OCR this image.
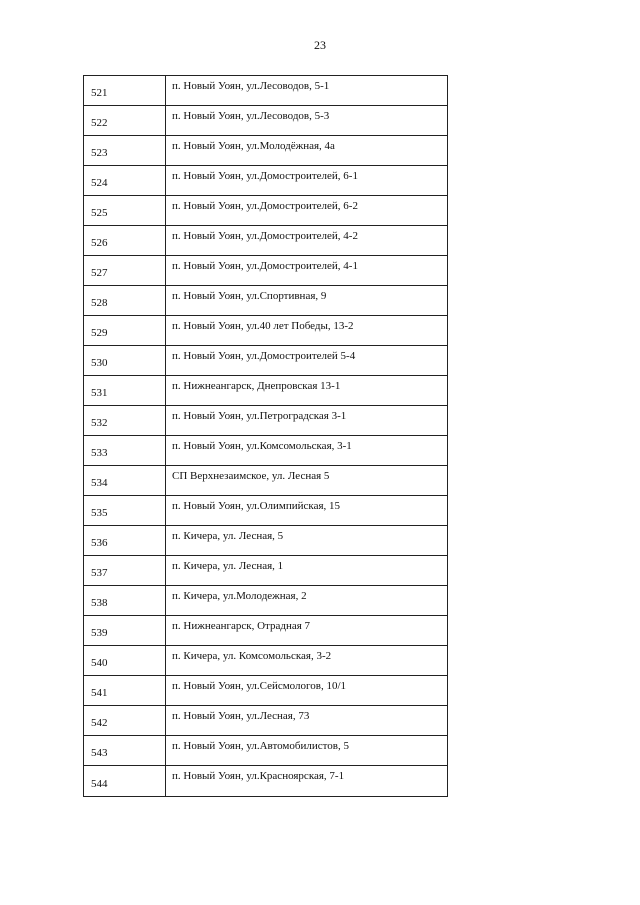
23
521	п. Новый Уоян, ул.Лесоводов, 5-1
522	п. Новый Уоян, ул.Лесоводов, 5-3
523	п. Новый Уоян, ул.Молодёжная, 4а
524	п. Новый Уоян, ул.Домостроителей, 6-1
525	п. Новый Уоян, ул.Домостроителей, 6-2
526	п. Новый Уоян, ул.Домостроителей, 4-2
527	п. Новый Уоян, ул.Домостроителей, 4-1
528	п. Новый Уоян, ул.Спортивная, 9
529	п. Новый Уоян, ул.40 лет Победы, 13-2
530	п. Новый Уоян, ул.Домостроителей 5-4
531	п. Нижнеангарск, Днепровская 13-1
532	п. Новый Уоян, ул.Петроградская 3-1
533	п. Новый Уоян, ул.Комсомольская, 3-1
534	СП Верхнезаимское, ул. Лесная 5
535	п. Новый Уоян, ул.Олимпийская, 15
536	п. Кичера, ул. Лесная, 5
537	п. Кичера, ул. Лесная, 1
538	п. Кичера, ул.Молодежная, 2
539	п. Нижнеангарск, Отрадная 7
540	п. Кичера, ул. Комсомольская, 3-2
541	п. Новый Уоян, ул.Сейсмологов, 10/1
542	п. Новый Уоян, ул.Лесная, 73
543	п. Новый Уоян, ул.Автомобилистов, 5
544	п. Новый Уоян, ул.Красноярская, 7-1
